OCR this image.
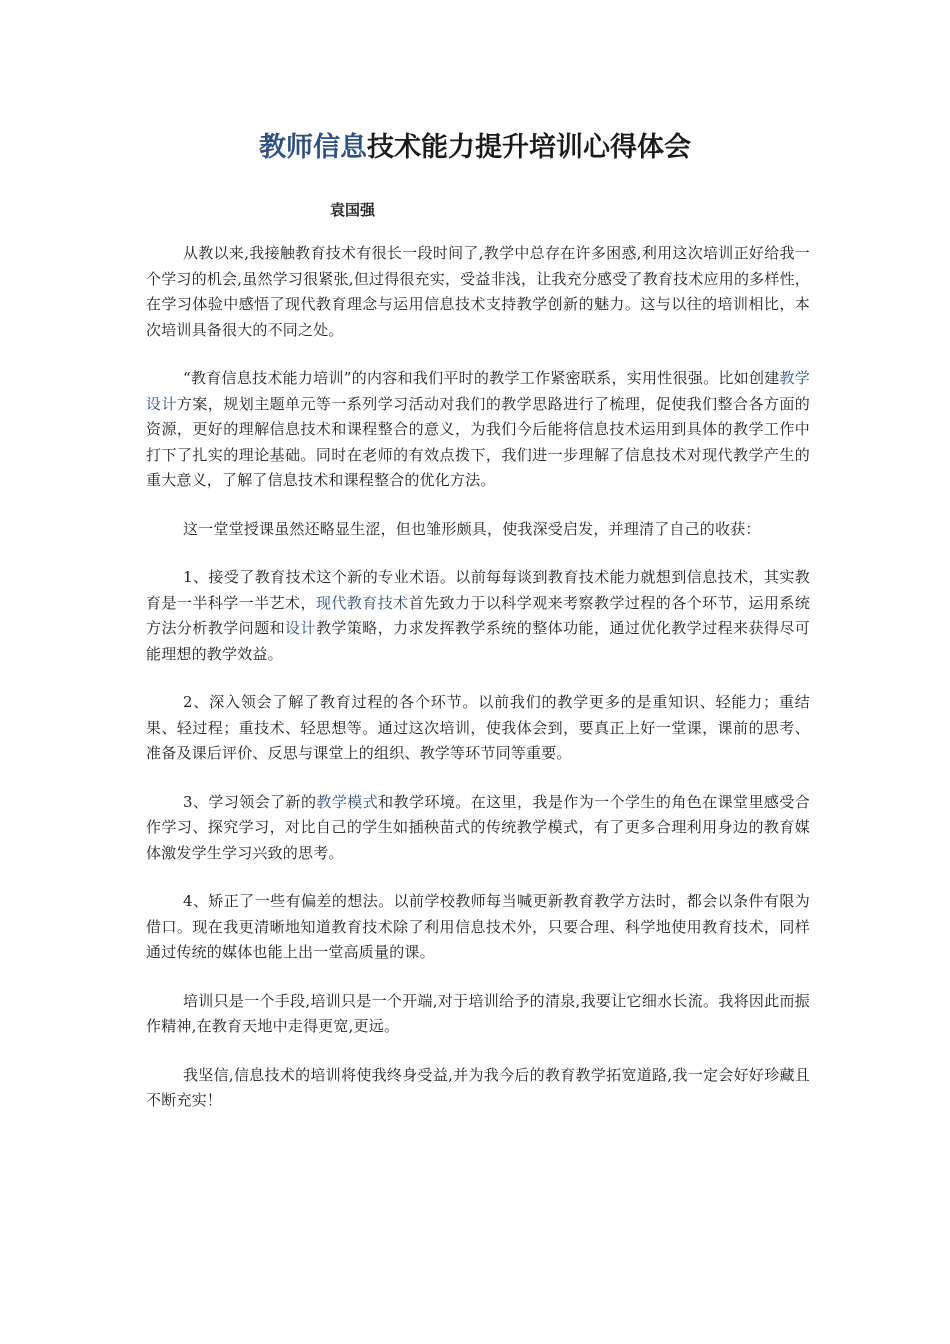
教师信息技术能力提升培训心得体会

袁国强

从教以来,我接触教育技术有很长一段时间了,教学中总存在许多困惑,利用这次培训正好给我一个学习的机会,虽然学习很紧张,但过得很充实，受益非浅，让我充分感受了教育技术应用的多样性，在学习体验中感悟了现代教育理念与运用信息技术支持教学创新的魅力。这与以往的培训相比，本次培训具备很大的不同之处。

“教育信息技术能力培训”的内容和我们平时的教学工作紧密联系，实用性很强。比如创建教学设计方案，规划主题单元等一系列学习活动对我们的教学思路进行了梳理，促使我们整合各方面的资源，更好的理解信息技术和课程整合的意义，为我们今后能将信息技术运用到具体的教学工作中打下了扎实的理论基础。同时在老师的有效点拨下，我们进一步理解了信息技术对现代教学产生的重大意义，了解了信息技术和课程整合的优化方法。

这一堂堂授课虽然还略显生涩，但也雏形颇具，使我深受启发，并理清了自己的收获：

1、接受了教育技术这个新的专业术语。以前每每谈到教育技术能力就想到信息技术，其实教育是一半科学一半艺术，现代教育技术首先致力于以科学观来考察教学过程的各个环节，运用系统方法分析教学问题和设计教学策略，力求发挥教学系统的整体功能，通过优化教学过程来获得尽可能理想的教学效益。

2、深入领会了解了教育过程的各个环节。以前我们的教学更多的是重知识、轻能力；重结果、轻过程；重技术、轻思想等。通过这次培训，使我体会到，要真正上好一堂课，课前的思考、准备及课后评价、反思与课堂上的组织、教学等环节同等重要。

3、学习领会了新的教学模式和教学环境。在这里，我是作为一个学生的角色在课堂里感受合作学习、探究学习，对比自己的学生如插秧苗式的传统教学模式，有了更多合理利用身边的教育媒体激发学生学习兴致的思考。

4、矫正了一些有偏差的想法。以前学校教师每当喊更新教育教学方法时，都会以条件有限为借口。现在我更清晰地知道教育技术除了利用信息技术外，只要合理、科学地使用教育技术，同样通过传统的媒体也能上出一堂高质量的课。

培训只是一个手段,培训只是一个开端,对于培训给予的清泉,我要让它细水长流。我将因此而振作精神,在教育天地中走得更宽,更远。

我坚信,信息技术的培训将使我终身受益,并为我今后的教育教学拓宽道路,我一定会好好珍藏且不断充实！
